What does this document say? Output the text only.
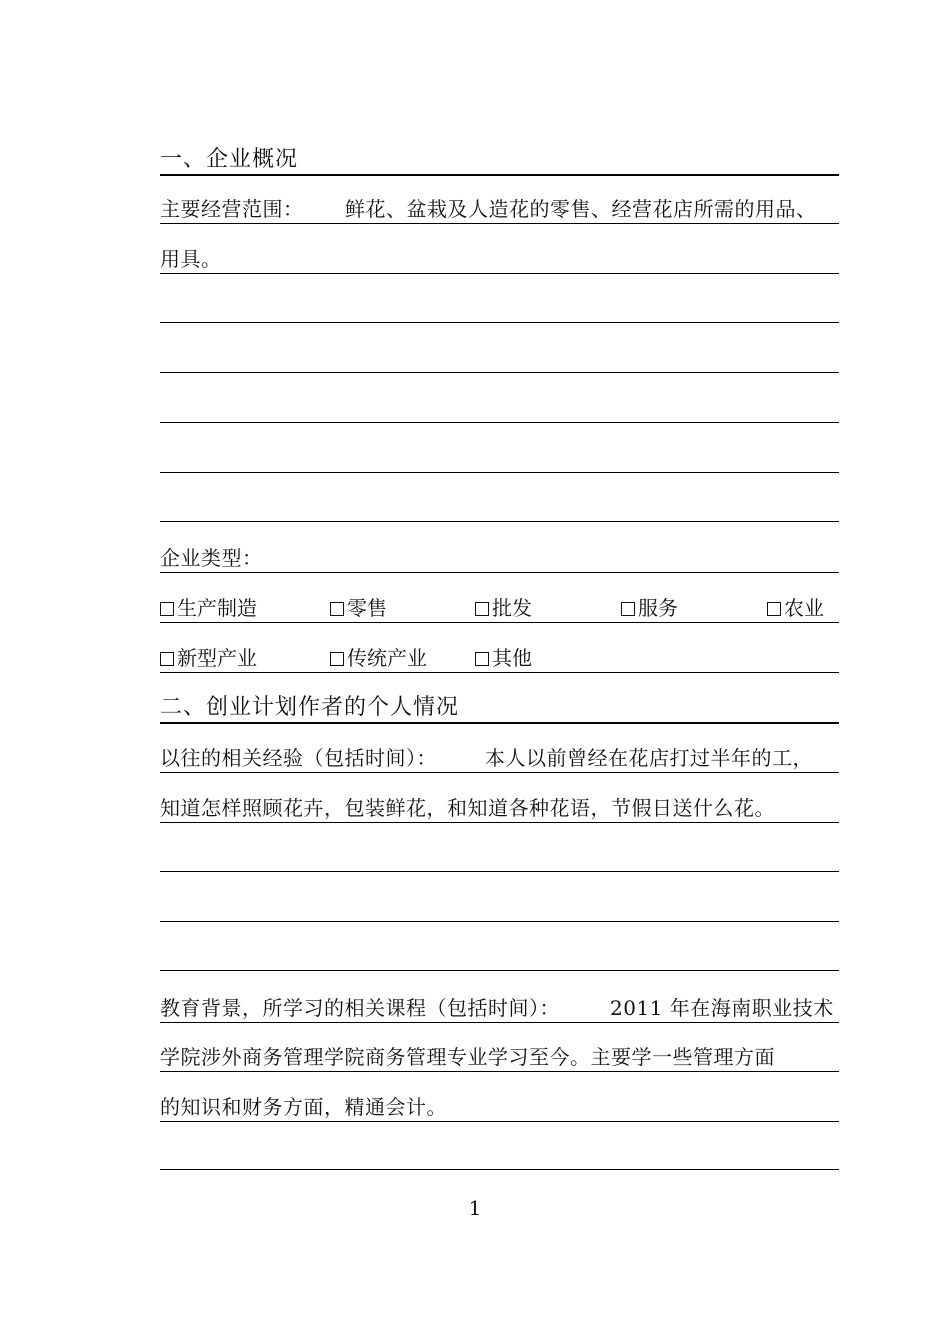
一、企业概况
主要经营范围： 鲜花、盆栽及人造花的零售、经营花店所需的用品、
用具。
企业类型：
生产制造	零售	批发	服务	农业
新型产业	传统产业	其他
二、创业计划作者的个人情况
以往的相关经验（包括时间）： 本人以前曾经在花店打过半年的工，
知道怎样照顾花卉，包装鲜花，和知道各种花语，节假日送什么花。
教育背景，所学习的相关课程（包括时间）：	2011 年在海南职业技术
学院涉外商务管理学院商务管理专业学习至今。主要学一些管理方面
的知识和财务方面，精通会计。
1
